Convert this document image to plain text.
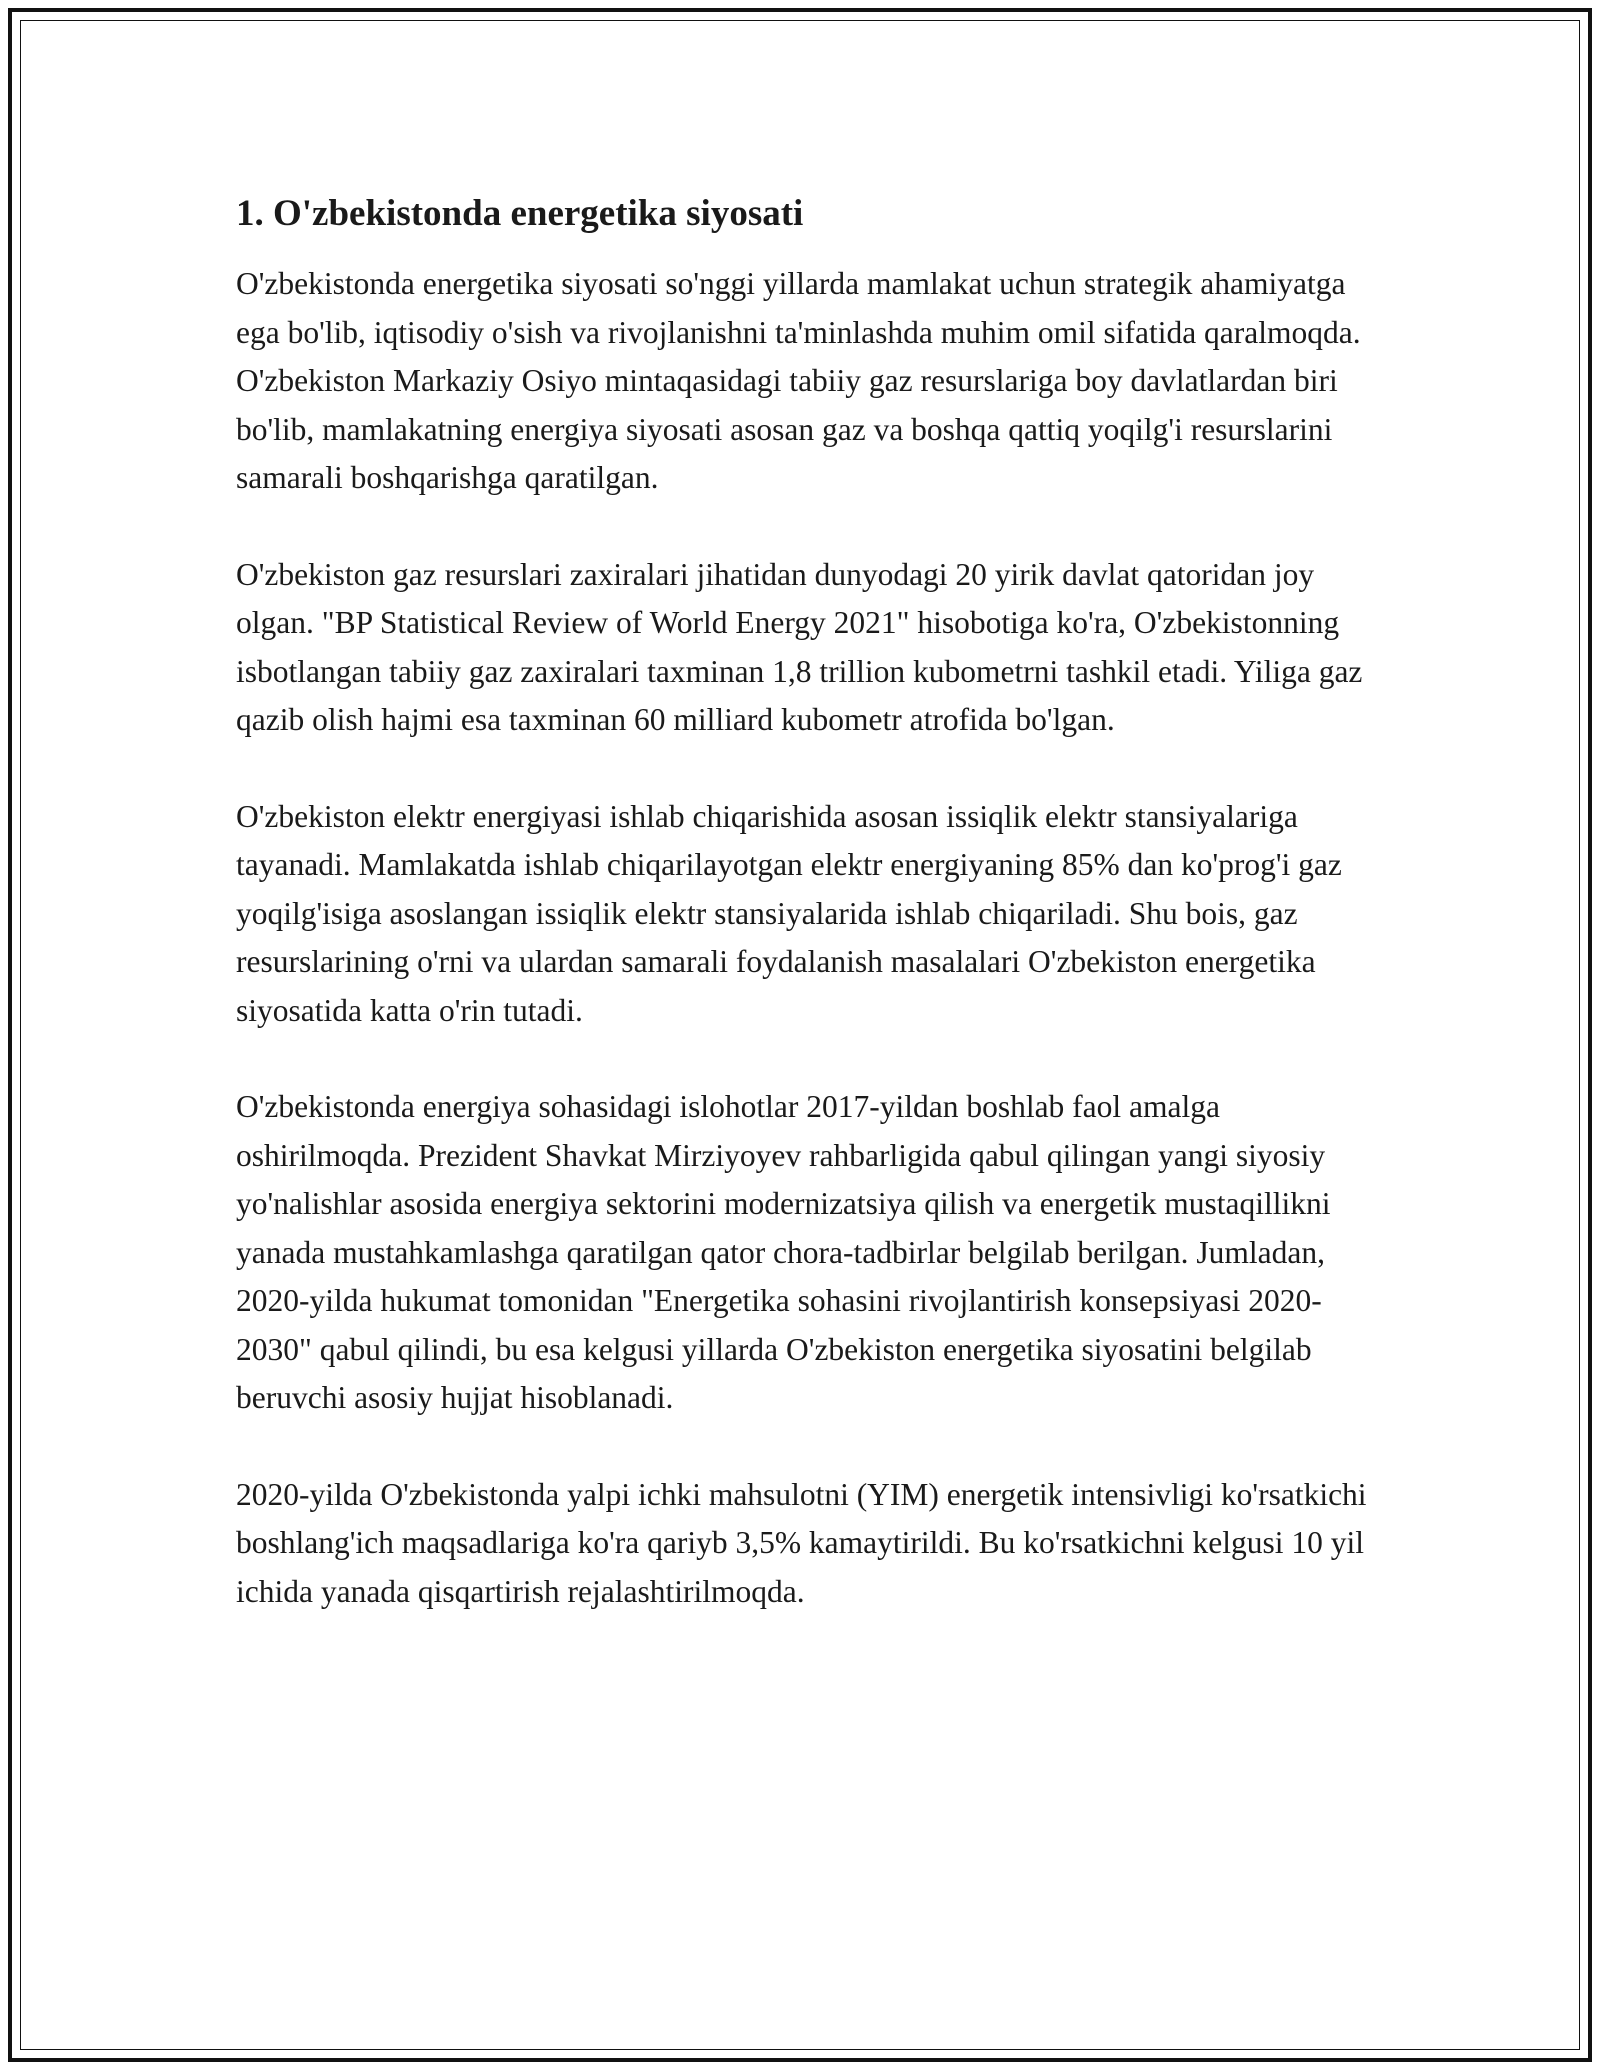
1. O'zbekistonda energetika siyosati

O'zbekistonda energetika siyosati so'nggi yillarda mamlakat uchun strategik ahamiyatga ega bo'lib, iqtisodiy o'sish va rivojlanishni ta'minlashda muhim omil sifatida qaralmoqda. O'zbekiston Markaziy Osiyo mintaqasidagi tabiiy gaz resurslariga boy davlatlardan biri bo'lib, mamlakatning energiya siyosati asosan gaz va boshqa qattiq yoqilg'i resurslarini samarali boshqarishga qaratilgan.

O'zbekiston gaz resurslari zaxiralari jihatidan dunyodagi 20 yirik davlat qatoridan joy olgan. "BP Statistical Review of World Energy 2021" hisobotiga ko'ra, O'zbekistonning isbotlangan tabiiy gaz zaxiralari taxminan 1,8 trillion kubometrni tashkil etadi. Yiliga gaz qazib olish hajmi esa taxminan 60 milliard kubometr atrofida bo'lgan.

O'zbekiston elektr energiyasi ishlab chiqarishida asosan issiqlik elektr stansiyalariga tayanadi. Mamlakatda ishlab chiqarilayotgan elektr energiyaning 85% dan ko'prog'i gaz yoqilg'isiga asoslangan issiqlik elektr stansiyalarida ishlab chiqariladi. Shu bois, gaz resurslarining o'rni va ulardan samarali foydalanish masalalari O'zbekiston energetika siyosatida katta o'rin tutadi.

O'zbekistonda energiya sohasidagi islohotlar 2017-yildan boshlab faol amalga oshirilmoqda. Prezident Shavkat Mirziyoyev rahbarligida qabul qilingan yangi siyosiy yo'nalishlar asosida energiya sektorini modernizatsiya qilish va energetik mustaqillikni yanada mustahkamlashga qaratilgan qator chora-tadbirlar belgilab berilgan. Jumladan, 2020-yilda hukumat tomonidan "Energetika sohasini rivojlantirish konsepsiyasi 2020-2030" qabul qilindi, bu esa kelgusi yillarda O'zbekiston energetika siyosatini belgilab beruvchi asosiy hujjat hisoblanadi.

2020-yilda O'zbekistonda yalpi ichki mahsulotni (YIM) energetik intensivligi ko'rsatkichi boshlang'ich maqsadlariga ko'ra qariyb 3,5% kamaytirildi. Bu ko'rsatkichni kelgusi 10 yil ichida yanada qisqartirish rejalashtirilmoqda.
